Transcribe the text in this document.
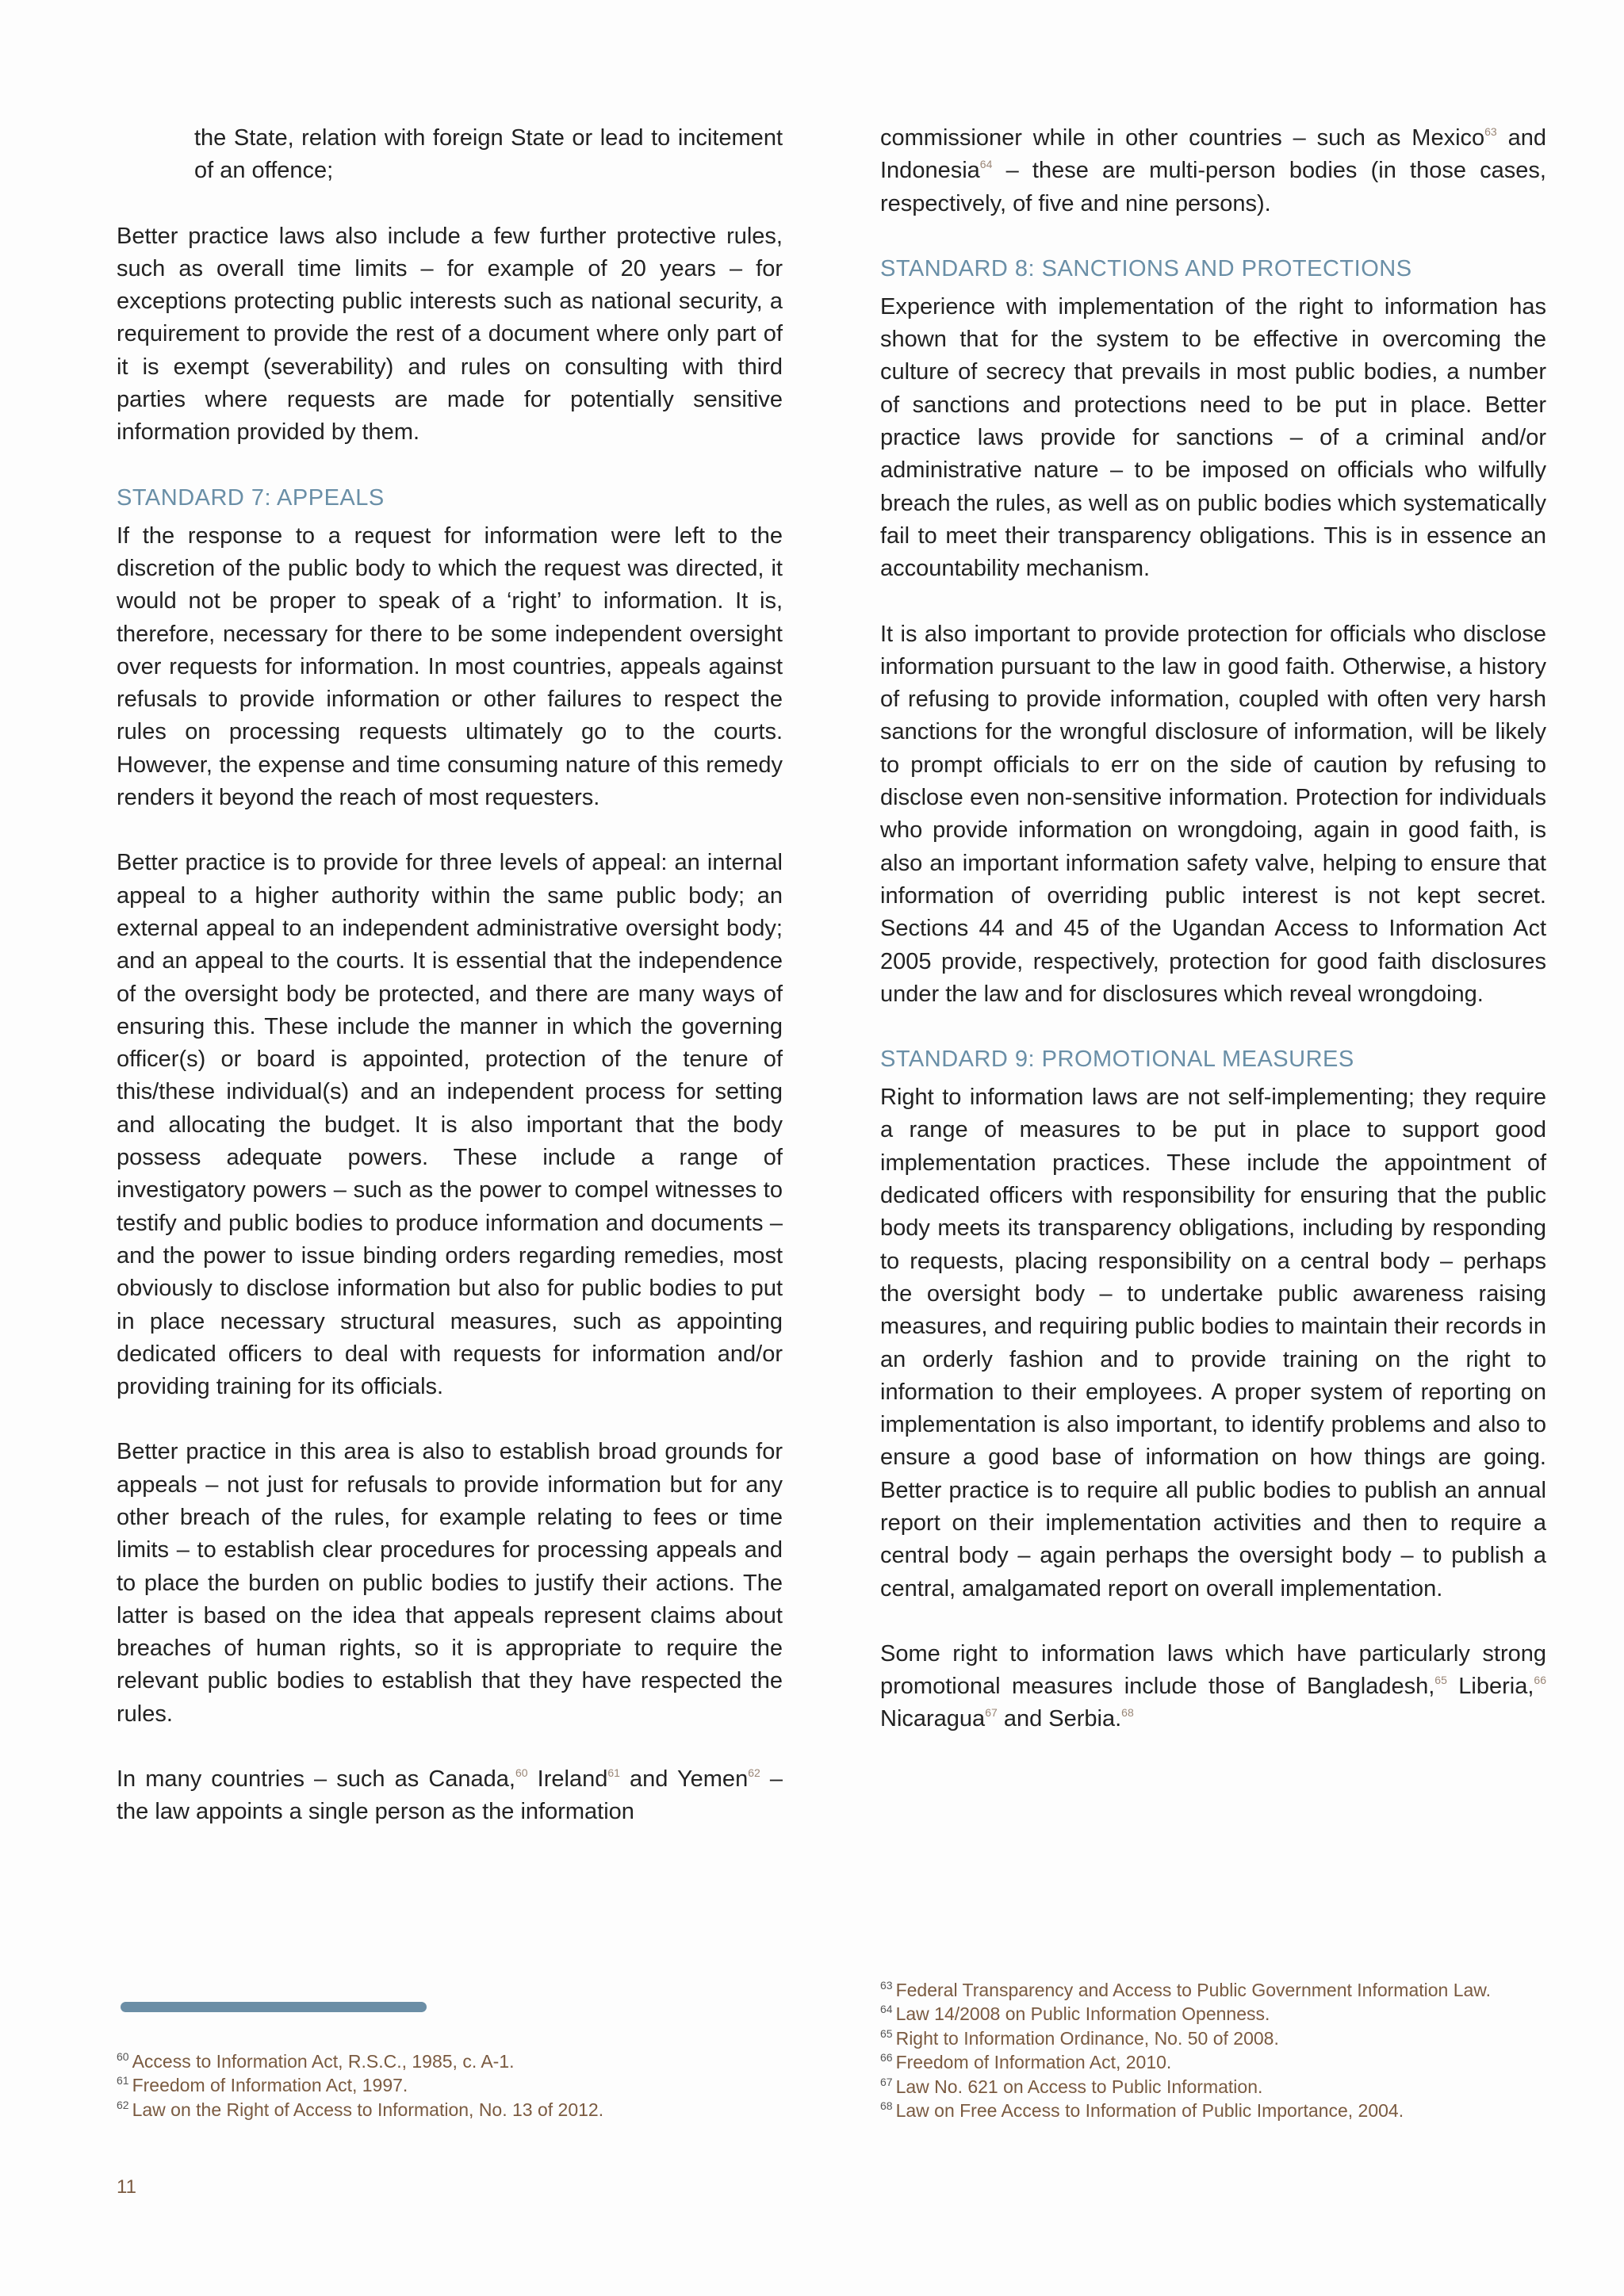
the State, relation with foreign State or lead to incitement of an offence;

Better practice laws also include a few further protective rules, such as overall time limits – for example of 20 years – for exceptions protecting public interests such as national security, a requirement to provide the rest of a document where only part of it is exempt (severability) and rules on consulting with third parties where requests are made for potentially sensitive information provided by them.

STANDARD 7: APPEALS

If the response to a request for information were left to the discretion of the public body to which the request was directed, it would not be proper to speak of a ‘right’ to information. It is, therefore, necessary for there to be some independent oversight over requests for information. In most countries, appeals against refusals to provide information or other failures to respect the rules on processing requests ultimately go to the courts. However, the expense and time consuming nature of this remedy renders it beyond the reach of most requesters.

Better practice is to provide for three levels of appeal: an internal appeal to a higher authority within the same public body; an external appeal to an independent administrative oversight body; and an appeal to the courts. It is essential that the independence of the oversight body be protected, and there are many ways of ensuring this. These include the manner in which the governing officer(s) or board is appointed, protection of the tenure of this/these individual(s) and an independent process for setting and allocating the budget. It is also important that the body possess adequate powers. These include a range of investigatory powers – such as the power to compel witnesses to testify and public bodies to produce information and documents – and the power to issue binding orders regarding remedies, most obviously to disclose information but also for public bodies to put in place necessary structural measures, such as appointing dedicated officers to deal with requests for information and/or providing training for its officials.

Better practice in this area is also to establish broad grounds for appeals – not just for refusals to provide information but for any other breach of the rules, for example relating to fees or time limits – to establish clear procedures for processing appeals and to place the burden on public bodies to justify their actions. The latter is based on the idea that appeals represent claims about breaches of human rights, so it is appropriate to require the relevant public bodies to establish that they have respected the rules.

In many countries – such as Canada,$^{60}$ Ireland$^{61}$ and Yemen$^{62}$ – the law appoints a single person as the information

commissioner while in other countries – such as Mexico$^{63}$ and Indonesia$^{64}$ – these are multi-person bodies (in those cases, respectively, of five and nine persons).

STANDARD 8: SANCTIONS AND PROTECTIONS

Experience with implementation of the right to information has shown that for the system to be effective in overcoming the culture of secrecy that prevails in most public bodies, a number of sanctions and protections need to be put in place. Better practice laws provide for sanctions – of a criminal and/or administrative nature – to be imposed on officials who wilfully breach the rules, as well as on public bodies which systematically fail to meet their transparency obligations. This is in essence an accountability mechanism.

It is also important to provide protection for officials who disclose information pursuant to the law in good faith. Otherwise, a history of refusing to provide information, coupled with often very harsh sanctions for the wrongful disclosure of information, will be likely to prompt officials to err on the side of caution by refusing to disclose even non-sensitive information. Protection for individuals who provide information on wrongdoing, again in good faith, is also an important information safety valve, helping to ensure that information of overriding public interest is not kept secret. Sections 44 and 45 of the Ugandan Access to Information Act 2005 provide, respectively, protection for good faith disclosures under the law and for disclosures which reveal wrongdoing.

STANDARD 9: PROMOTIONAL MEASURES

Right to information laws are not self-implementing; they require a range of measures to be put in place to support good implementation practices. These include the appointment of dedicated officers with responsibility for ensuring that the public body meets its transparency obligations, including by responding to requests, placing responsibility on a central body – perhaps the oversight body – to undertake public awareness raising measures, and requiring public bodies to maintain their records in an orderly fashion and to provide training on the right to information to their employees. A proper system of reporting on implementation is also important, to identify problems and also to ensure a good base of information on how things are going. Better practice is to require all public bodies to publish an annual report on their implementation activities and then to require a central body – again perhaps the oversight body – to publish a central, amalgamated report on overall implementation.

Some right to information laws which have particularly strong promotional measures include those of Bangladesh,$^{65}$ Liberia,$^{66}$ Nicaragua$^{67}$ and Serbia.$^{68}$

$^{60}$ Access to Information Act, R.S.C., 1985, c. A-1.
$^{61}$ Freedom of Information Act, 1997.
$^{62}$ Law on the Right of Access to Information, No. 13 of 2012.
$^{63}$ Federal Transparency and Access to Public Government Information Law.
$^{64}$ Law 14/2008 on Public Information Openness.
$^{65}$ Right to Information Ordinance, No. 50 of 2008.
$^{66}$ Freedom of Information Act, 2010.
$^{67}$ Law No. 621 on Access to Public Information.
$^{68}$ Law on Free Access to Information of Public Importance, 2004.
11
